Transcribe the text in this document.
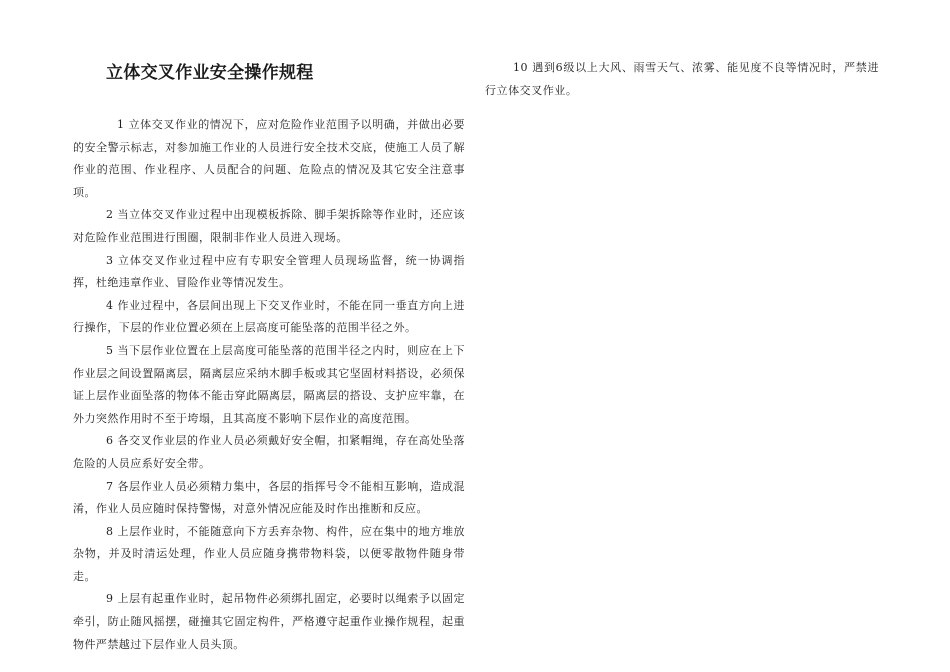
立体交叉作业安全操作规程

1 立体交叉作业的情况下，应对危险作业范围予以明确，并做出必要的安全警示标志，对参加施工作业的人员进行安全技术交底，使施工人员了解作业的范围、作业程序、人员配合的问题、危险点的情况及其它安全注意事项。

2 当立体交叉作业过程中出现模板拆除、脚手架拆除等作业时，还应该对危险作业范围进行围圈，限制非作业人员进入现场。

3 立体交叉作业过程中应有专职安全管理人员现场监督，统一协调指挥，杜绝违章作业、冒险作业等情况发生。

4 作业过程中，各层间出现上下交叉作业时，不能在同一垂直方向上进行操作，下层的作业位置必须在上层高度可能坠落的范围半径之外。

5 当下层作业位置在上层高度可能坠落的范围半径之内时，则应在上下作业层之间设置隔离层，隔离层应采纳木脚手板或其它坚固材料搭设，必须保证上层作业面坠落的物体不能击穿此隔离层，隔离层的搭设、支护应牢靠，在外力突然作用时不至于垮塌，且其高度不影响下层作业的高度范围。

6 各交叉作业层的作业人员必须戴好安全帽，扣紧帽绳，存在高处坠落危险的人员应系好安全带。

7 各层作业人员必须精力集中，各层的指挥号令不能相互影响，造成混淆，作业人员应随时保持警惕，对意外情况应能及时作出推断和反应。

8 上层作业时，不能随意向下方丢弃杂物、构件，应在集中的地方堆放杂物，并及时清运处理，作业人员应随身携带物料袋，以便零散物件随身带走。

9 上层有起重作业时，起吊物件必须绑扎固定，必要时以绳索予以固定牵引，防止随风摇摆，碰撞其它固定构件，严格遵守起重作业操作规程，起重物件严禁越过下层作业人员头顶。

10 遇到6级以上大风、雨雪天气、浓雾、能见度不良等情况时，严禁进行立体交叉作业。
